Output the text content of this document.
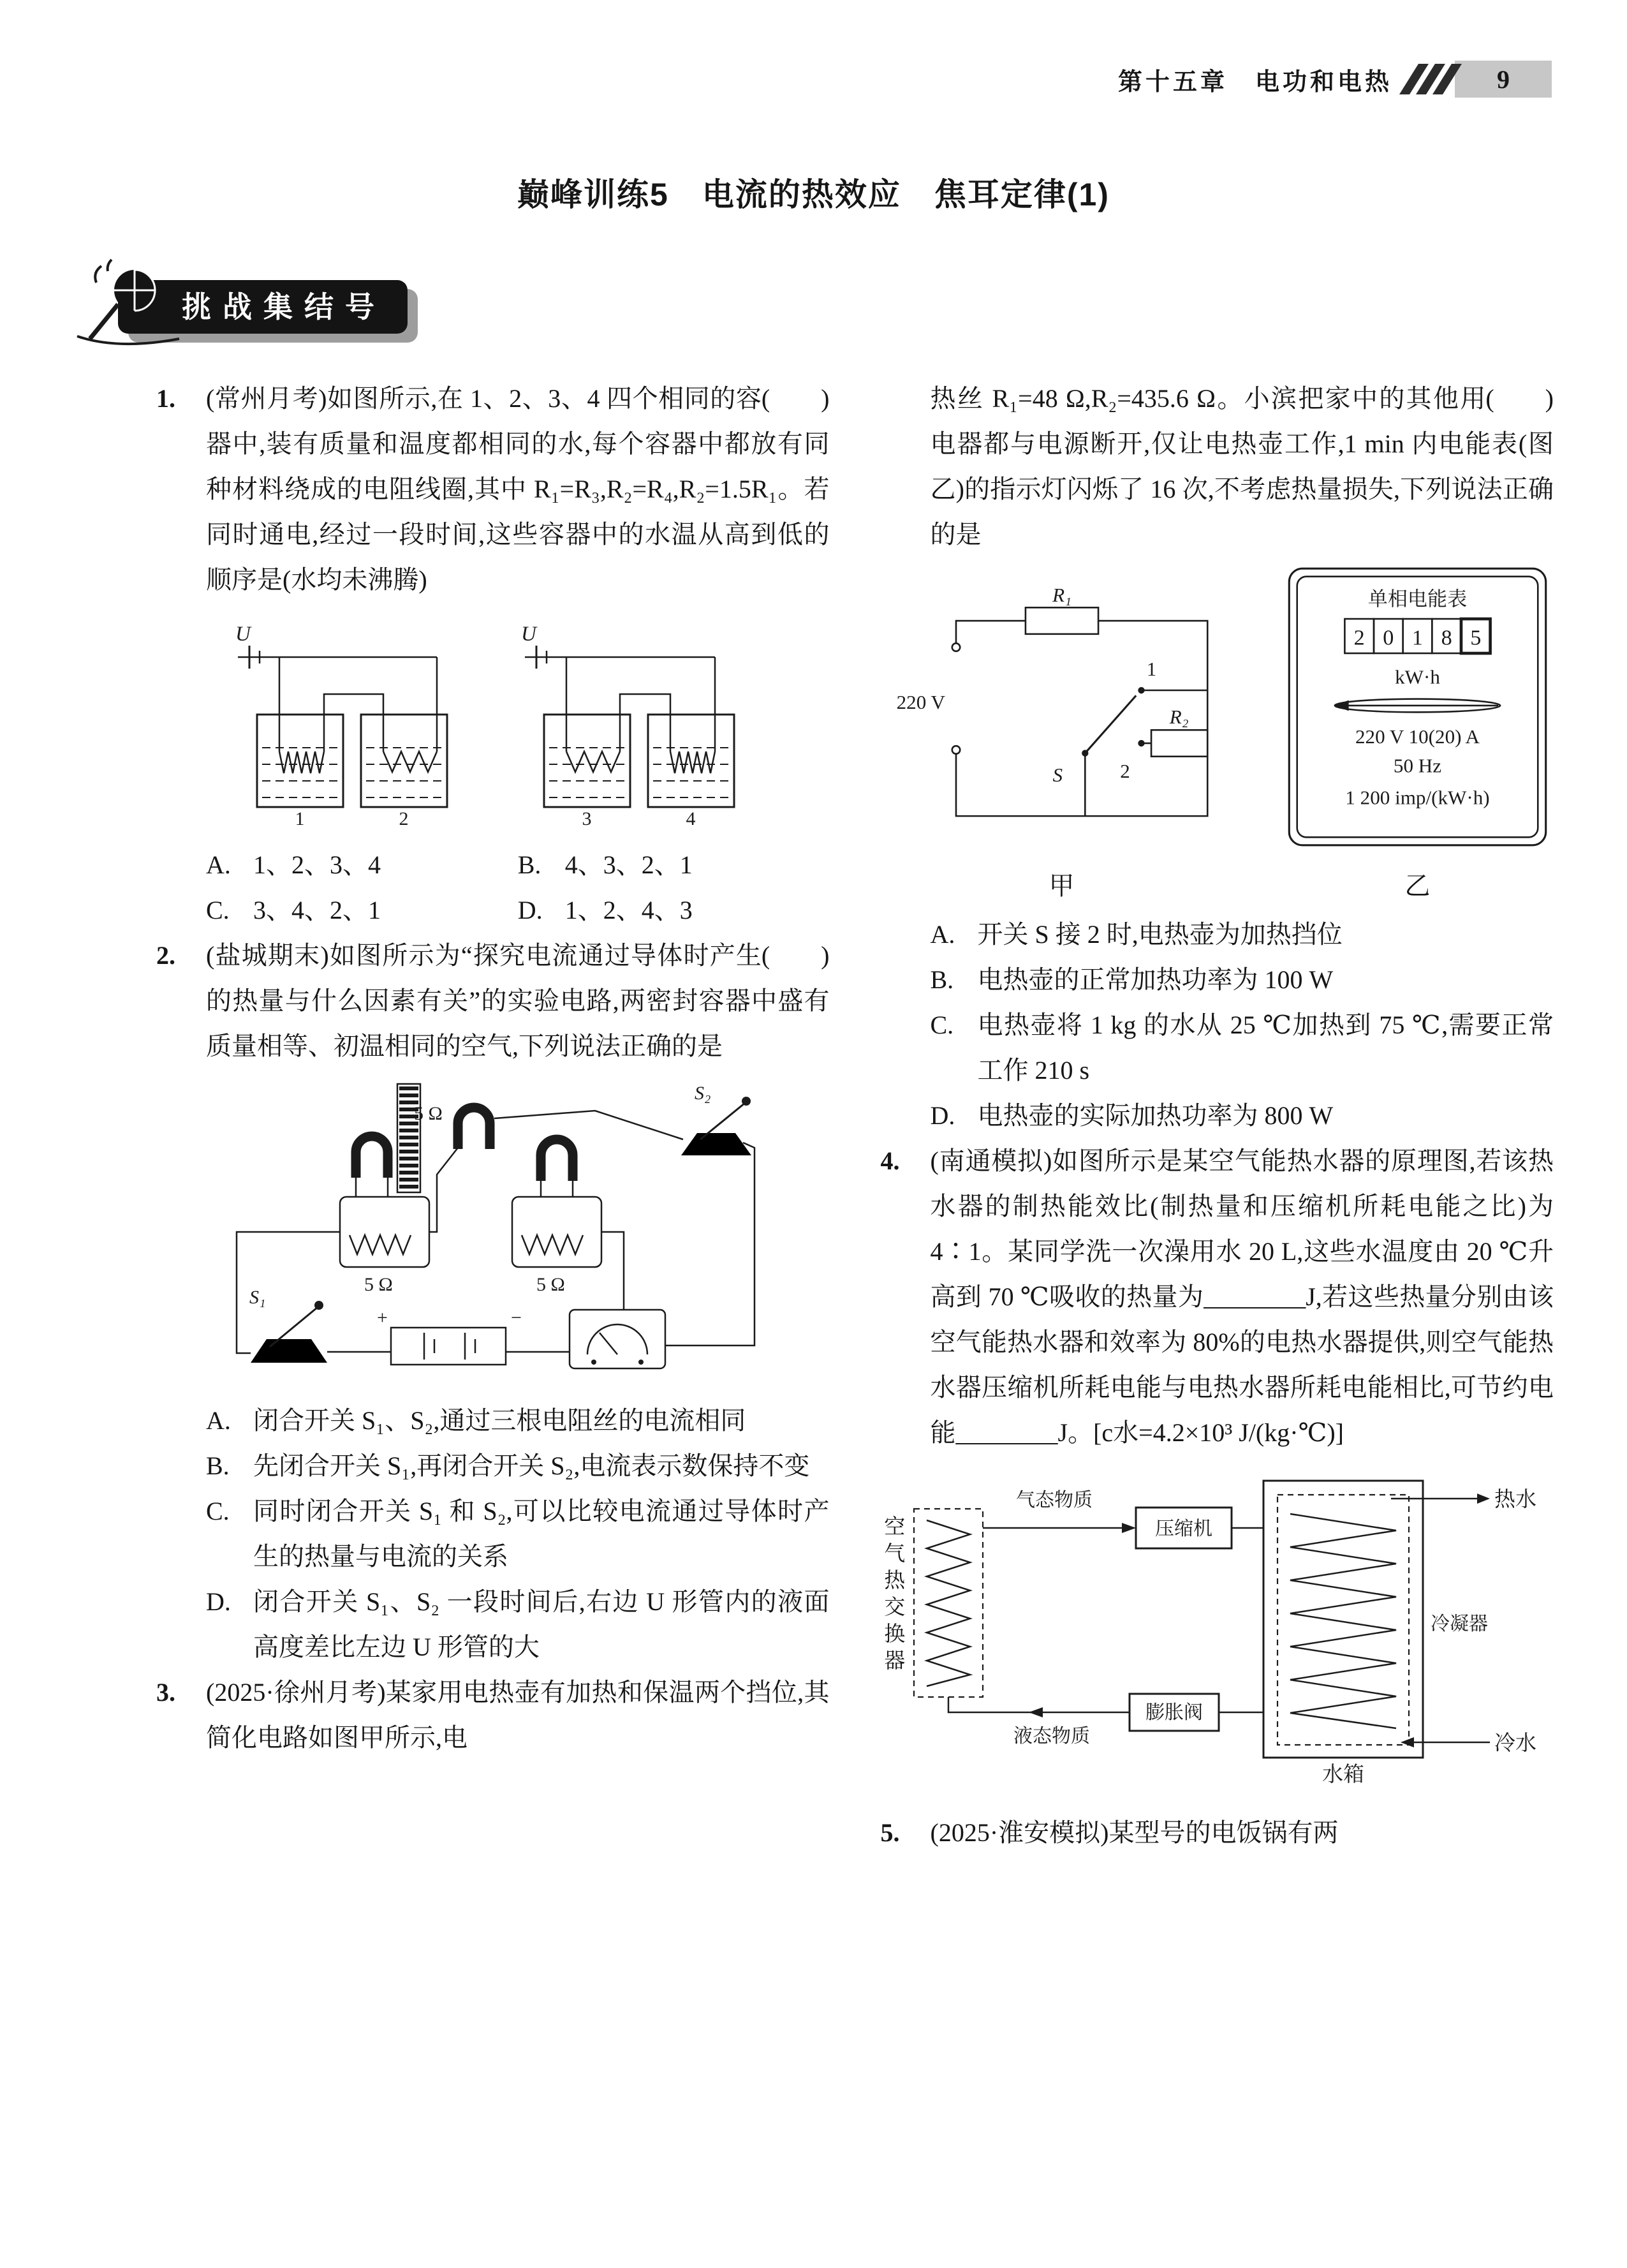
第十五章　电功和电热	9
巅峰训练5　电流的热效应　焦耳定律(1)
挑战集结号
1.	(　　)
(常州月考)如图所示,在 1、2、3、4 四个相同的容器中,装有质量和温度都相同的水,每个容器中都放有同种材料绕成的电阻线圈,其中 R₁=R₃,R₂=R₄,R₂=1.5R₁。若同时通电,经过一段时间,这些容器中的水温从高到低的顺序是(水均未沸腾)
U
1	2
U
3	4
A. 1、2、3、4	B. 4、3、2、1
C. 3、4、2、1	D. 1、2、4、3
2.	(　　)
(盐城期末)如图所示为“探究电流通过导体时产生的热量与什么因素有关”的实验电路,两密封容器中盛有质量相等、初温相同的空气,下列说法正确的是
5 Ω
S₂
5 Ω	5 Ω
S₁
+	−
A. 闭合开关 S₁、S₂,通过三根电阻丝的电流相同
B. 先闭合开关 S₁,再闭合开关 S₂,电流表示数保持不变
C. 同时闭合开关 S₁ 和 S₂,可以比较电流通过导体时产生的热量与电流的关系
D. 闭合开关 S₁、S₂ 一段时间后,右边 U 形管内的液面高度差比左边 U 形管的大
3. (2025·徐州月考)某家用电热壶有加热和保温两个挡位,其简化电路如图甲所示,电
(　　)
热丝 R₁=48 Ω,R₂=435.6 Ω。小滨把家中的其他用电器都与电源断开,仅让电热壶工作,1 min 内电能表(图乙)的指示灯闪烁了 16 次,不考虑热量损失,下列说法正确的是
220 V
R₁
1
R₂
2
S
甲
单相电能表
2 0 1 8 5
kW·h
220 V 10(20) A
50 Hz
1 200 imp/(kW·h)
乙
A. 开关 S 接 2 时,电热壶为加热挡位
B. 电热壶的正常加热功率为 100 W
C. 电热壶将 1 kg 的水从 25 ℃加热到 75 ℃,需要正常工作 210 s
D. 电热壶的实际加热功率为 800 W
4. (南通模拟)如图所示是某空气能热水器的原理图,若该热水器的制热能效比(制热量和压缩机所耗电能之比)为 4∶1。某同学洗一次澡用水 20 L,这些水温度由 20 ℃升高到 70 ℃吸收的热量为________J,若这些热量分别由该空气能热水器和效率为 80%的电热水器提供,则空气能热水器压缩机所耗电能与电热水器所耗电能相比,可节约电能________J。[c水=4.2×10³ J/(kg·℃)]
空气热交换器
气态物质
压缩机
冷凝器
热水
冷水
膨胀阀
液态物质
水箱
5. (2025·淮安模拟)某型号的电饭锅有两
